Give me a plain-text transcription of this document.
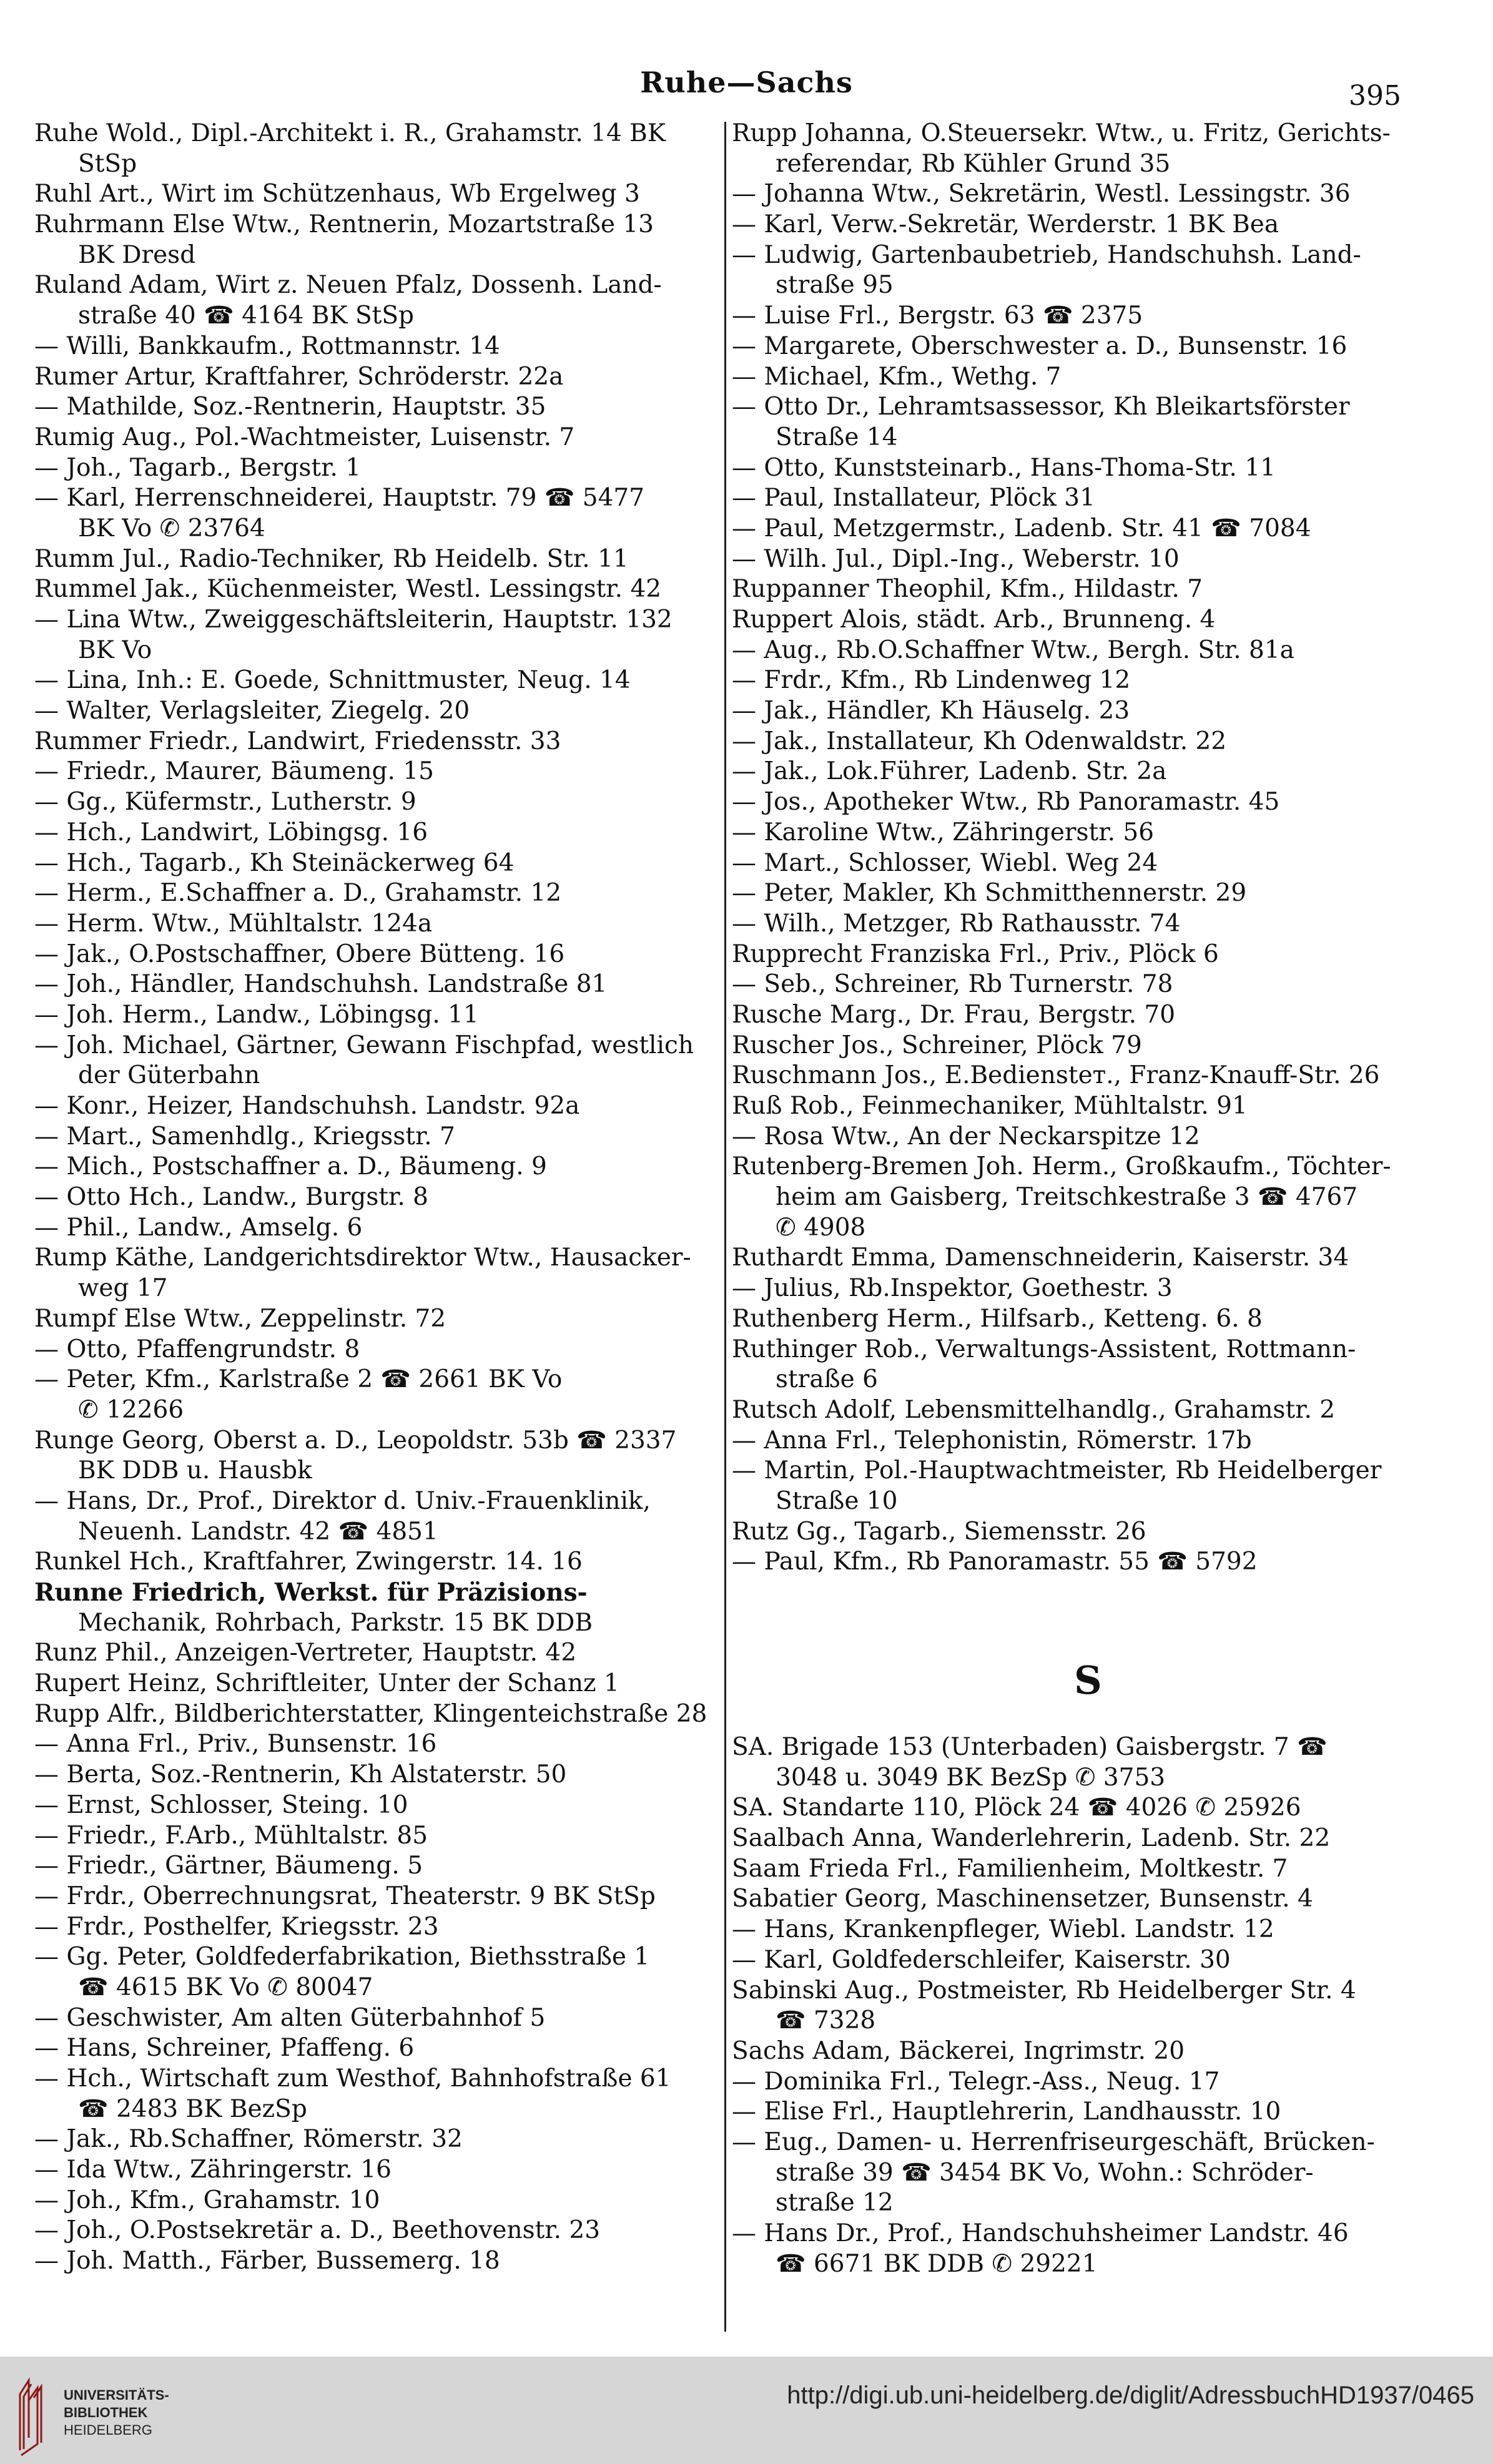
Ruhe—Sachs	395
Ruhe Wold., Dipl.-Architekt i. R., Grahamstr. 14 BK
StSp
Ruhl Art., Wirt im Schützenhaus, Wb Ergelweg 3
Ruhrmann Else Wtw., Rentnerin, Mozartstraße 13
BK Dresd
Ruland Adam, Wirt z. Neuen Pfalz, Dossenh. Land-
straße 40 ☎ 4164 BK StSp
— Willi, Bankkaufm., Rottmannstr. 14
Rumer Artur, Kraftfahrer, Schröderstr. 22a
— Mathilde, Soz.-Rentnerin, Hauptstr. 35
Rumig Aug., Pol.-Wachtmeister, Luisenstr. 7
— Joh., Tagarb., Bergstr. 1
— Karl, Herrenschneiderei, Hauptstr. 79 ☎ 5477
BK Vo ✆ 23764
Rumm Jul., Radio-Techniker, Rb Heidelb. Str. 11
Rummel Jak., Küchenmeister, Westl. Lessingstr. 42
— Lina Wtw., Zweiggeschäftsleiterin, Hauptstr. 132
BK Vo
— Lina, Inh.: E. Goede, Schnittmuster, Neug. 14
— Walter, Verlagsleiter, Ziegelg. 20
Rummer Friedr., Landwirt, Friedensstr. 33
— Friedr., Maurer, Bäumeng. 15
— Gg., Küfermstr., Lutherstr. 9
— Hch., Landwirt, Löbingsg. 16
— Hch., Tagarb., Kh Steinäckerweg 64
— Herm., E.Schaffner a. D., Grahamstr. 12
— Herm. Wtw., Mühltalstr. 124a
— Jak., O.Postschaffner, Obere Bütteng. 16
— Joh., Händler, Handschuhsh. Landstraße 81
— Joh. Herm., Landw., Löbingsg. 11
— Joh. Michael, Gärtner, Gewann Fischpfad, westlich
der Güterbahn
— Konr., Heizer, Handschuhsh. Landstr. 92a
— Mart., Samenhdlg., Kriegsstr. 7
— Mich., Postschaffner a. D., Bäumeng. 9
— Otto Hch., Landw., Burgstr. 8
— Phil., Landw., Amselg. 6
Rump Käthe, Landgerichtsdirektor Wtw., Hausacker-
weg 17
Rumpf Else Wtw., Zeppelinstr. 72
— Otto, Pfaffengrundstr. 8
— Peter, Kfm., Karlstraße 2 ☎ 2661 BK Vo
✆ 12266
Runge Georg, Oberst a. D., Leopoldstr. 53b ☎ 2337
BK DDB u. Hausbk
— Hans, Dr., Prof., Direktor d. Univ.-Frauenklinik,
Neuenh. Landstr. 42 ☎ 4851
Runkel Hch., Kraftfahrer, Zwingerstr. 14. 16
Runne Friedrich, Werkst. für Präzisions-
Mechanik, Rohrbach, Parkstr. 15 BK DDB
Runz Phil., Anzeigen-Vertreter, Hauptstr. 42
Rupert Heinz, Schriftleiter, Unter der Schanz 1
Rupp Alfr., Bildberichterstatter, Klingenteichstraße 28
— Anna Frl., Priv., Bunsenstr. 16
— Berta, Soz.-Rentnerin, Kh Alstaterstr. 50
— Ernst, Schlosser, Steing. 10
— Friedr., F.Arb., Mühltalstr. 85
— Friedr., Gärtner, Bäumeng. 5
— Frdr., Oberrechnungsrat, Theaterstr. 9 BK StSp
— Frdr., Posthelfer, Kriegsstr. 23
— Gg. Peter, Goldfederfabrikation, Biethsstraße 1
☎ 4615 BK Vo ✆ 80047
— Geschwister, Am alten Güterbahnhof 5
— Hans, Schreiner, Pfaffeng. 6
— Hch., Wirtschaft zum Westhof, Bahnhofstraße 61
☎ 2483 BK BezSp
— Jak., Rb.Schaffner, Römerstr. 32
— Ida Wtw., Zähringerstr. 16
— Joh., Kfm., Grahamstr. 10
— Joh., O.Postsekretär a. D., Beethovenstr. 23
— Joh. Matth., Färber, Bussemerg. 18
Rupp Johanna, O.Steuersekr. Wtw., u. Fritz, Gerichts-
referendar, Rb Kühler Grund 35
— Johanna Wtw., Sekretärin, Westl. Lessingstr. 36
— Karl, Verw.-Sekretär, Werderstr. 1 BK Bea
— Ludwig, Gartenbaubetrieb, Handschuhsh. Land-
straße 95
— Luise Frl., Bergstr. 63 ☎ 2375
— Margarete, Oberschwester a. D., Bunsenstr. 16
— Michael, Kfm., Wethg. 7
— Otto Dr., Lehramtsassessor, Kh Bleikartsförster
Straße 14
— Otto, Kunststeinarb., Hans-Thoma-Str. 11
— Paul, Installateur, Plöck 31
— Paul, Metzgermstr., Ladenb. Str. 41 ☎ 7084
— Wilh. Jul., Dipl.-Ing., Weberstr. 10
Ruppanner Theophil, Kfm., Hildastr. 7
Ruppert Alois, städt. Arb., Brunneng. 4
— Aug., Rb.O.Schaffner Wtw., Bergh. Str. 81a
— Frdr., Kfm., Rb Lindenweg 12
— Jak., Händler, Kh Häuselg. 23
— Jak., Installateur, Kh Odenwaldstr. 22
— Jak., Lok.Führer, Ladenb. Str. 2a
— Jos., Apotheker Wtw., Rb Panoramastr. 45
— Karoline Wtw., Zähringerstr. 56
— Mart., Schlosser, Wiebl. Weg 24
— Peter, Makler, Kh Schmitthennerstr. 29
— Wilh., Metzger, Rb Rathausstr. 74
Rupprecht Franziska Frl., Priv., Plöck 6
— Seb., Schreiner, Rb Turnerstr. 78
Rusche Marg., Dr. Frau, Bergstr. 70
Ruscher Jos., Schreiner, Plöck 79
Ruschmann Jos., E.Bediensteт., Franz-Knauff-Str. 26
Ruß Rob., Feinmechaniker, Mühltalstr. 91
— Rosa Wtw., An der Neckarspitze 12
Rutenberg-Bremen Joh. Herm., Großkaufm., Töchter-
heim am Gaisberg, Treitschkestraße 3 ☎ 4767
✆ 4908
Ruthardt Emma, Damenschneiderin, Kaiserstr. 34
— Julius, Rb.Inspektor, Goethestr. 3
Ruthenberg Herm., Hilfsarb., Ketteng. 6. 8
Ruthinger Rob., Verwaltungs-Assistent, Rottmann-
straße 6
Rutsch Adolf, Lebensmittelhandlg., Grahamstr. 2
— Anna Frl., Telephonistin, Römerstr. 17b
— Martin, Pol.-Hauptwachtmeister, Rb Heidelberger
Straße 10
Rutz Gg., Tagarb., Siemensstr. 26
— Paul, Kfm., Rb Panoramastr. 55 ☎ 5792
S
SA. Brigade 153 (Unterbaden) Gaisbergstr. 7 ☎
3048 u. 3049 BK BezSp ✆ 3753
SA. Standarte 110, Plöck 24 ☎ 4026 ✆ 25926
Saalbach Anna, Wanderlehrerin, Ladenb. Str. 22
Saam Frieda Frl., Familienheim, Moltkestr. 7
Sabatier Georg, Maschinensetzer, Bunsenstr. 4
— Hans, Krankenpfleger, Wiebl. Landstr. 12
— Karl, Goldfederschleifer, Kaiserstr. 30
Sabinski Aug., Postmeister, Rb Heidelberger Str. 4
☎ 7328
Sachs Adam, Bäckerei, Ingrimstr. 20
— Dominika Frl., Telegr.-Ass., Neug. 17
— Elise Frl., Hauptlehrerin, Landhausstr. 10
— Eug., Damen- u. Herrenfriseurgeschäft, Brücken-
straße 39 ☎ 3454 BK Vo, Wohn.: Schröder-
straße 12
— Hans Dr., Prof., Handschuhsheimer Landstr. 46
☎ 6671 BK DDB ✆ 29221
UNIVERSITÄTS-
BIBLIOTHEK
HEIDELBERG
http://digi.ub.uni-heidelberg.de/diglit/AdressbuchHD1937/0465
